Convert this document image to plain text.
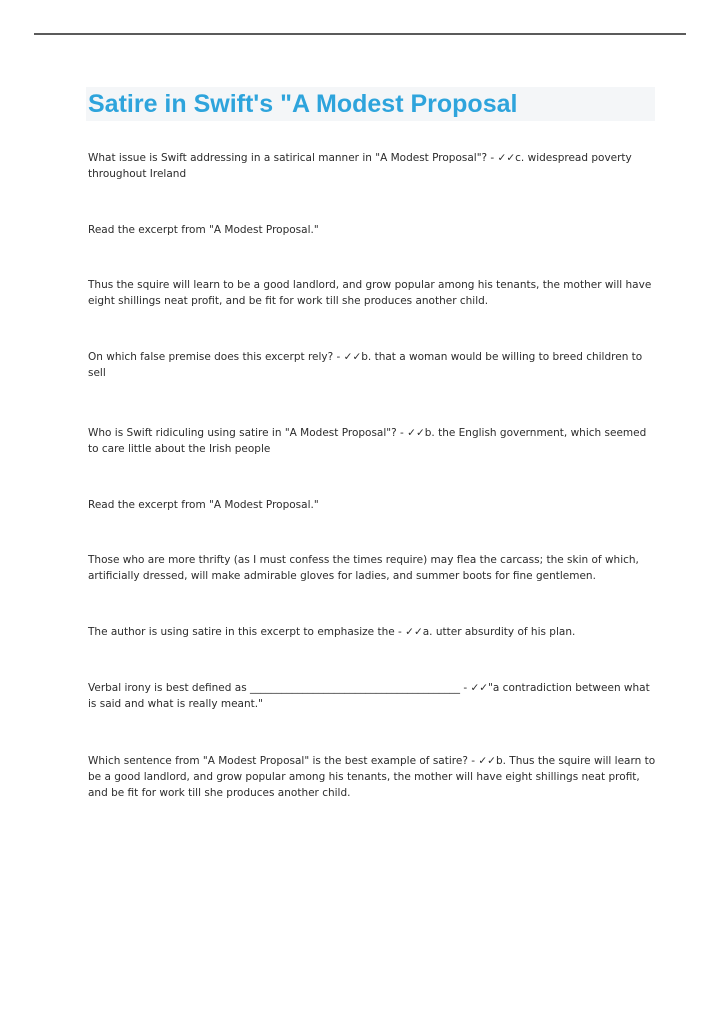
Satire in Swift's "A Modest Proposal

What issue is Swift addressing in a satirical manner in "A Modest Proposal"? - ✓✓c. widespread poverty throughout Ireland

Read the excerpt from "A Modest Proposal."

Thus the squire will learn to be a good landlord, and grow popular among his tenants, the mother will have eight shillings neat profit, and be fit for work till she produces another child.

On which false premise does this excerpt rely? - ✓✓b. that a woman would be willing to breed children to sell

Who is Swift ridiculing using satire in "A Modest Proposal"? - ✓✓b. the English government, which seemed to care little about the Irish people

Read the excerpt from "A Modest Proposal."

Those who are more thrifty (as I must confess the times require) may flea the carcass; the skin of which, artificially dressed, will make admirable gloves for ladies, and summer boots for fine gentlemen.

The author is using satire in this excerpt to emphasize the - ✓✓a. utter absurdity of his plan.

Verbal irony is best defined as ________________________________________ - ✓✓"a contradiction between what is said and what is really meant."

Which sentence from "A Modest Proposal" is the best example of satire? - ✓✓b. Thus the squire will learn to be a good landlord, and grow popular among his tenants, the mother will have eight shillings neat profit, and be fit for work till she produces another child.
